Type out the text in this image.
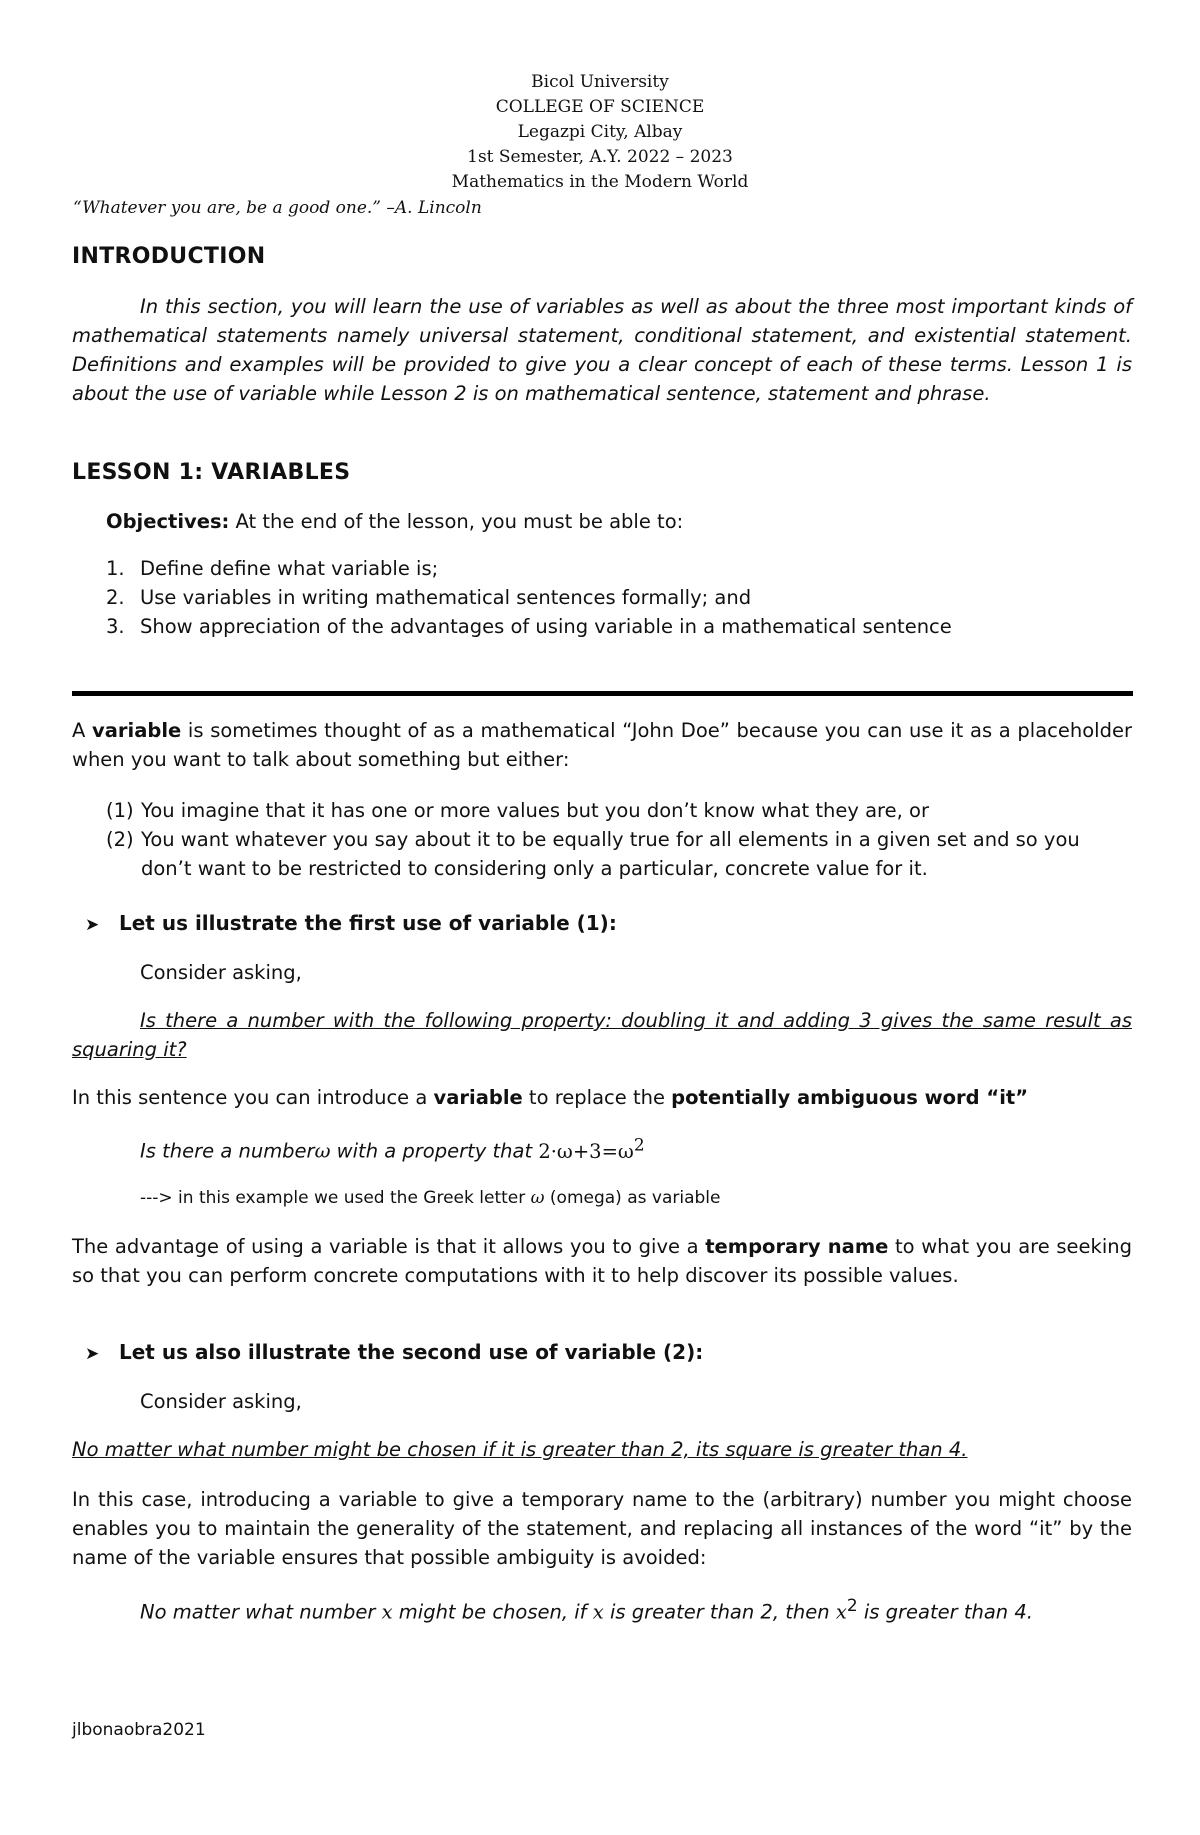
Bicol University
COLLEGE OF SCIENCE
Legazpi City, Albay
1st Semester, A.Y. 2022 – 2023
Mathematics in the Modern World
“Whatever you are, be a good one.” –A. Lincoln
INTRODUCTION
In this section, you will learn the use of variables as well as about the three most important kinds of mathematical statements namely universal statement, conditional statement, and existential statement. Definitions and examples will be provided to give you a clear concept of each of these terms. Lesson 1 is about the use of variable while Lesson 2 is on mathematical sentence, statement and phrase.
LESSON 1: VARIABLES
Objectives: At the end of the lesson, you must be able to:
1. Define define what variable is;
2. Use variables in writing mathematical sentences formally; and
3. Show appreciation of the advantages of using variable in a mathematical sentence
A variable is sometimes thought of as a mathematical “John Doe” because you can use it as a placeholder when you want to talk about something but either:
(1) You imagine that it has one or more values but you don’t know what they are, or
(2) You want whatever you say about it to be equally true for all elements in a given set and so you don’t want to be restricted to considering only a particular, concrete value for it.
➤ Let us illustrate the first use of variable (1):
Consider asking,
Is there a number with the following property: doubling it and adding 3 gives the same result as squaring it?
In this sentence you can introduce a variable to replace the potentially ambiguous word “it”
Is there a numberω with a property that $2\cdot\omega+3=\omega^2$
---> in this example we used the Greek letter ω (omega) as variable
The advantage of using a variable is that it allows you to give a temporary name to what you are seeking so that you can perform concrete computations with it to help discover its possible values.
➤ Let us also illustrate the second use of variable (2):
Consider asking,
No matter what number might be chosen if it is greater than 2, its square is greater than 4.
In this case, introducing a variable to give a temporary name to the (arbitrary) number you might choose enables you to maintain the generality of the statement, and replacing all instances of the word “it” by the name of the variable ensures that possible ambiguity is avoided:
No matter what number x might be chosen, if x is greater than 2, then $x^2$ is greater than 4.
jlbonaobra2021
